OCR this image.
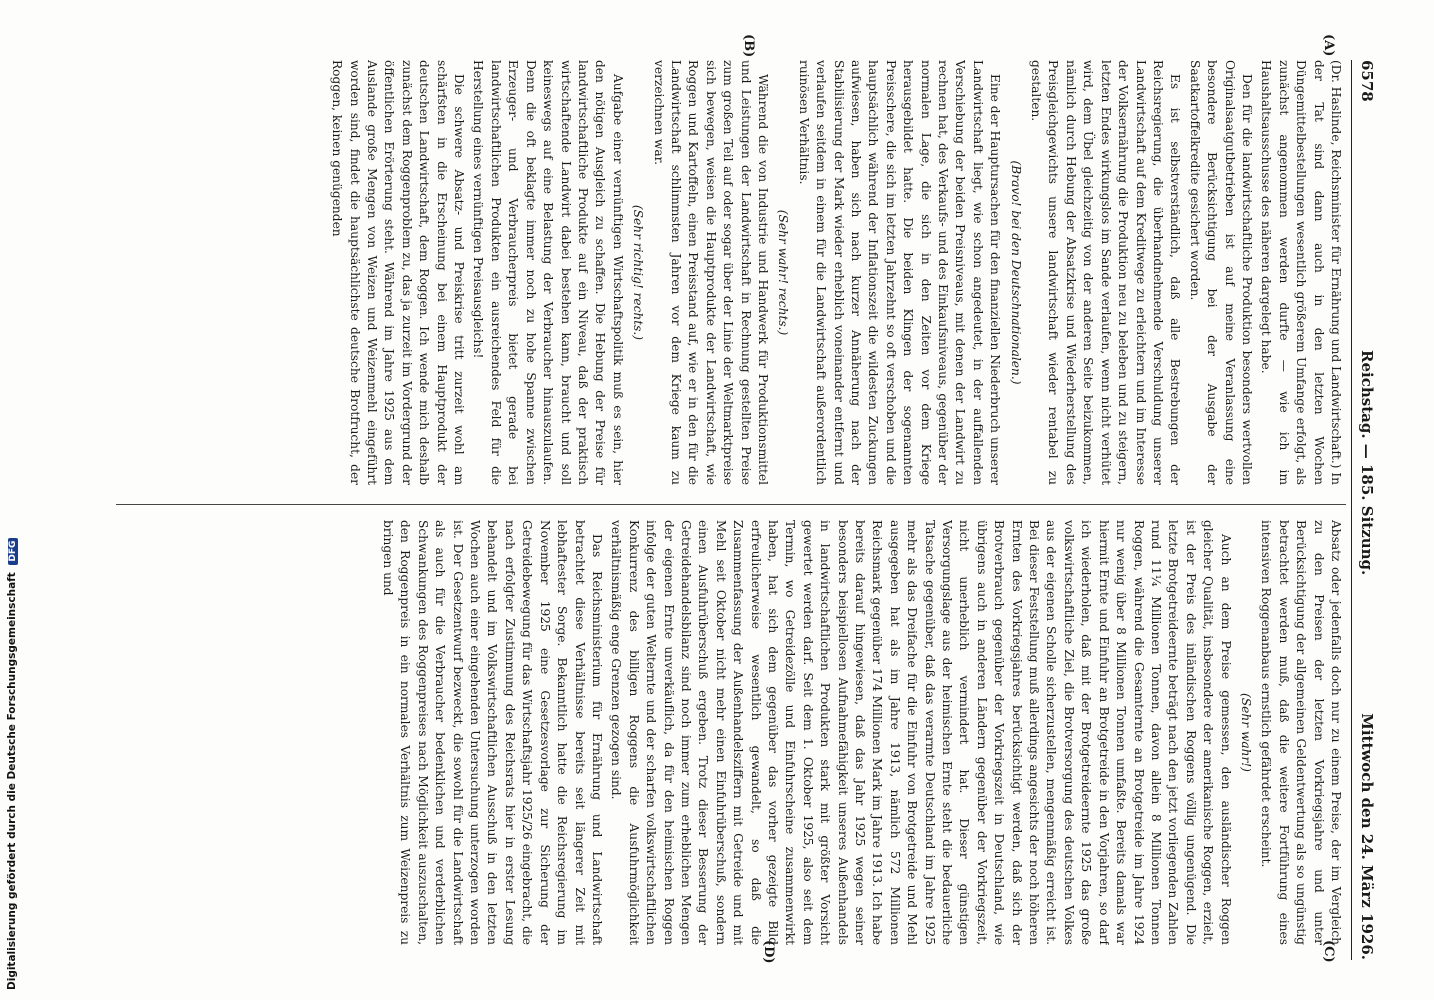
6578
Reichstag. — 185. Sitzung.
Mittwoch den 24. März 1926.
(A)
(B)
(C)
(D)

(Dr. Haslinde, Reichsminister für Ernährung und Landwirtschaft.) In der Tat sind dann auch in den letzten Wochen Düngemittelbestellungen wesentlich größerem Umfange erfolgt, als zunächst angenommen werden durfte — wie ich im Haushaltsausschusse des näheren dargelegt habe.

Den für die landwirtschaftliche Produktion besonders wertvollen Originalsaatgutbetrieben ist auf meine Veranlassung eine besondere Berücksichtigung bei der Ausgabe der Saatkartoffelkredite gesichert worden.

Es ist selbstverständlich, daß alle Bestrebungen der Reichsregierung, die überhandnehmende Verschuldung unserer Landwirtschaft auf dem Kreditwege zu erleichtern und im Interesse der Volksernährung die Produktion neu zu beleben und zu steigern, letzten Endes wirkungslos im Sande verlaufen, wenn nicht verhütet wird, dem Übel gleichzeitig von der anderen Seite beizukommen, nämlich durch Hebung der Absatzkrise und Wiederherstellung des Preisgleichgewichts unsere landwirtschaft wieder rentabel zu gestalten.

(Bravo! bei den Deutschnationalen.)

Eine der Hauptursachen für den finanziellen Niederbruch unserer Landwirtschaft liegt, wie schon angedeutet, in der auffallenden Verschiebung der beiden Preisniveaus, mit denen der Landwirt zu rechnen hat, des Verkaufs- und des Einkaufsniveaus, gegenüber der normalen Lage, die sich in den Zeiten vor dem Kriege herausgebildet hatte. Die beiden Klingen der sogenannten Preisschere, die sich im letzten Jahrzehnt so oft verschoben und die hauptsächlich während der Inflationszeit die wildesten Zuckungen aufwiesen, haben sich nach kurzer Annäherung nach der Stabilisierung der Mark wieder erheblich voneinander entfernt und verlaufen seitdem in einem für die Landwirtschaft außerordentlich ruinösen Verhältnis.

(Sehr wahr! rechts.)

Während die von Industrie und Handwerk für Produktionsmittel und Leistungen der Landwirtschaft in Rechnung gestellten Preise zum großen Teil auf oder sogar über der Linie der Weltmarktpreise sich bewegen, weisen die Hauptprodukte der Landwirtschaft, wie Roggen und Kartoffeln, einen Preisstand auf, wie er in den für die Landwirtschaft schlimmsten Jahren vor dem Kriege kaum zu verzeichnen war.

(Sehr richtig! rechts.)

Aufgabe einer vernünftigen Wirtschaftspolitik muß es sein, hier den nötigen Ausgleich zu schaffen. Die Hebung der Preise für landwirtschaftliche Produkte auf ein Niveau, daß der praktisch wirtschaftende Landwirt dabei bestehen kann, braucht und soll keineswegs auf eine Belastung der Verbraucher hinauszulaufen. Denn die oft beklagte immer noch zu hohe Spanne zwischen Erzeuger- und Verbraucherpreis bietet gerade bei landwirtschaftlichen Produkten ein ausreichendes Feld für die Herstellung eines vernünftigen Preisausgleichs!

Die schwere Absatz- und Preiskrise tritt zurzeit wohl am schärfsten in die Erscheinung bei einem Hauptprodukt der deutschen Landwirtschaft, dem Roggen. Ich wende mich deshalb zunächst dem Roggenproblem zu, das ja zurzeit im Vordergrund der öffentlichen Erörterung steht. Während im Jahre 1925 aus dem Auslande große Mengen von Weizen und Weizenmehl eingeführt worden sind, findet die hauptsächlichste deutsche Brotfrucht, der Roggen, keinen genügenden

Absatz oder jedenfalls doch nur zu einem Preise, der im Vergleich zu den Preisen der letzten Vorkriegsjahre und unter Berücksichtigung der allgemeinen Geldentwertung als so ungünstig betrachtet werden muß, daß die weitere Fortführung eines intensiven Roggenanbaus ernstlich gefährdet erscheint.

(Sehr wahr!)

Auch an dem Preise gemessen, den ausländischer Roggen gleicher Qualität, insbesondere der amerikanische Roggen, erzielt, ist der Preis des inländischen Roggens völlig ungenügend. Die letzte Brotgetreideernte beträgt nach den jetzt vorliegenden Zahlen rund 11¼ Millionen Tonnen, davon allein 8 Millionen Tonnen Roggen, während die Gesamternte an Brotgetreide im Jahre 1924 nur wenig über 8 Millionen Tonnen umfaßte. Bereits damals war hiermit Ernte und Einfuhr an Brotgetreide in den Vorjahren, so darf ich wiederholen, daß mit der Brotgetreideernte 1925 das große volkswirtschaftliche Ziel, die Brotversorgung des deutschen Volkes aus der eigenen Scholle sicherzustellen, mengenmäßig erreicht ist. Bei dieser Feststellung muß allerdings angesichts der noch höheren Ernten des Vorkriegsjahres berücksichtigt werden, daß sich der Brotverbrauch gegenüber der Vorkriegszeit in Deutschland, wie übrigens auch in anderen Ländern gegenüber der Vorkriegszeit, nicht unerheblich vermindert hat. Dieser günstigen Versorgungslage aus der heimischen Ernte steht die bedauerliche Tatsache gegenüber, daß das verarmte Deutschland im Jahre 1925 mehr als das Dreifache für die Einfuhr von Brotgetreide und Mehl ausgegeben hat als im Jahre 1913, nämlich 572 Millionen Reichsmark gegenüber 174 Millionen Mark im Jahre 1913. Ich habe bereits darauf hingewiesen, daß das Jahr 1925 wegen seiner besonders beispiellosen Aufnahmefähigkeit unseres Außenhandels in landwirtschaftlichen Produkten stark mit größter Vorsicht gewertet werden darf. Seit dem 1. Oktober 1925, also seit dem Termin, wo Getreidezölle und Einfuhrscheine zusammenwirkt haben, hat sich dem gegenüber das vorher gezeigte Bild erfreulicherweise wesentlich gewandelt, so daß die Zusammenfassung der Außenhandelsziffern mit Getreide und mit Mehl seit Oktober nicht mehr einen Einfuhrüberschuß, sondern einen Ausfuhrüberschuß ergeben. Trotz dieser Besserung der Getreidehandelsbilanz sind noch immer zum erheblichen Mengen der eigenen Ernte unverkäuflich, da für den heimischen Roggen infolge der guten Welternte und der scharfen volkswirtschaftlichen Konkurrenz des billigen Roggens die Ausfuhrmöglichkeit verhältnismäßig enge Grenzen gezogen sind.

Das Reichsministerium für Ernährung und Landwirtschaft betrachtet diese Verhältnisse bereits seit längerer Zeit mit lebhaftester Sorge. Bekanntlich hatte die Reichsregierung im November 1925 eine Gesetzesvorlage zur Sicherung der Getreidebewegung für das Wirtschaftsjahr 1925/26 eingebracht, die nach erfolgter Zustimmung des Reichsrats hier in erster Lesung behandelt und im Volkswirtschaftlichen Ausschuß in den letzten Wochen auch einer eingehenden Untersuchung unterzogen worden ist. Der Gesetzentwurf bezweckt, die sowohl für die Landwirtschaft als auch für die Verbraucher bedenklichen und verderblichen Schwankungen des Roggenpreises nach Möglichkeit auszuschalten, den Roggenpreis in ein normales Verhältnis zum Weizenpreis zu bringen und

Digitalisierung gefördert durch die Deutsche Forschungsgemeinschaft DFG
